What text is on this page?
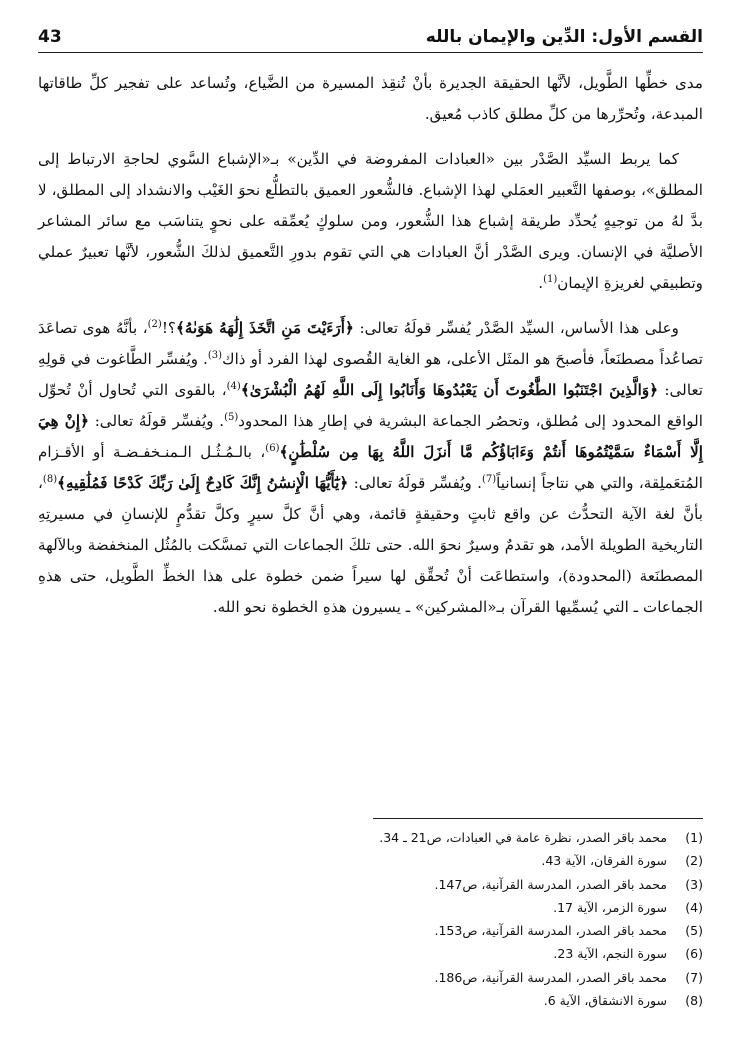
43	القسم الأول: الدِّين والإيمان بالله

مدى خطِّها الطَّويل، لأنَّها الحقيقة الجديرة بأنْ تُنقِذ المسيرة من الضَّياع، وتُساعد على تفجير كلِّ طاقاتها المبدعة، وتُحرِّرها من كلِّ مطلق كاذب مُعيق.

كما يربط السيِّد الصَّدْر بين «العبادات المفروضة في الدِّين» بـ«الإشباع السَّوي لحاجةِ الارتباط إلى المطلق»، بوصفها التَّعبير العمَلي لهذا الإشباع. فالشُّعور العميق بالتطلُّع نحوَ الغَيْب والانشداد إلى المطلق، لا بدَّ لهُ من توجيهٍ يُحدِّد طريقة إشباع هذا الشُّعور، ومن سلوكٍ يُعمِّقه على نحوٍ يتناسَب مع سائر المشاعر الأصليَّة في الإنسان. ويرى الصَّدْر أنَّ العبادات هي التي تقوم بدورِ التَّعميق لذلكَ الشُّعور، لأنَّها تعبيرٌ عملي وتطبيقي لغريزةِ الإيمان$^{(1)}$.

وعلى هذا الأساس، السيِّد الصَّدْر يُفسِّر قولَهُ تعالى: ﴿أَرَءَيْتَ مَنِ اتَّخَذَ إِلَٰهَهُ هَوَىٰهُ﴾؟!$^{(2)}$، بأنَّهُ هوى تصاعَدَ تصاعُداً مصطنَعاً، فأصبحَ هو المثَل الأعلى، هو الغاية القُصوى لهذا الفرد أو ذاك$^{(3)}$. ويُفسِّر الطَّاغوت في قولِهِ تعالى: ﴿وَالَّذِينَ اجْتَنَبُوا الطَّٰغُوتَ أَن يَعْبُدُوهَا وَأَنَابُوا إِلَى اللَّهِ لَهُمُ الْبُشْرَىٰ﴾$^{(4)}$، بالقوى التي تُحاول أنْ تُحوِّل الواقع المحدود إلى مُطلق، وتحصُر الجماعة البشرية في إطارِ هذا المحدود$^{(5)}$. ويُفسِّر قولَهُ تعالى: ﴿إِنْ هِيَ إِلَّا أَسْمَاءٌ سَمَّيْتُمُوهَا أَنتُمْ وَءَابَاؤُكُم مَّا أَنزَلَ اللَّهُ بِهَا مِن سُلْطَٰنٍ﴾$^{(6)}$، بالـمُـثُـل الـمنـخفـضـة أو الأقـزام المُتعَملِقة، والتي هي نتاجاً إنسانياً$^{(7)}$. ويُفسِّر قولَهُ تعالى: ﴿يَٰٓأَيُّهَا الْإِنسَٰنُ إِنَّكَ كَادِحٌ إِلَىٰ رَبِّكَ كَدْحًا فَمُلَٰقِيهِ﴾$^{(8)}$، بأنَّ لغة الآية التحدُّث عن واقع ثابتٍ وحقيقةٍ قائمة، وهي أنَّ كلَّ سيرٍ وكلَّ تقدُّمٍ للإنسانِ في مسيرتِهِ التاريخية الطويلة الأمد، هو تقدمٌ وسيرٌ نحوَ الله. حتى تلكَ الجماعات التي تمسَّكت بالمُثُل المنخفضة وبالآلهة المصطنَعة (المحدودة)، واستطاعَت أنْ تُحقِّق لها سيراً ضمن خطوة على هذا الخطِّ الطَّويل، حتى هذهِ الجماعات ـ التي يُسمِّيها القرآن بـ«المشركين» ـ يسيرون هذهِ الخطوة نحو الله.

(1)
محمد باقر الصدر، نظرة عامة في العبادات، ص21 ـ 34.
(2)
سورة الفرقان، الآية 43.
(3)
محمد باقر الصدر، المدرسة القرآنية، ص147.
(4)
سورة الزمر، الآية 17.
(5)
محمد باقر الصدر، المدرسة القرآنية، ص153.
(6)
سورة النجم، الآية 23.
(7)
محمد باقر الصدر، المدرسة القرآنية، ص186.
(8)
سورة الانشقاق، الآية 6.
